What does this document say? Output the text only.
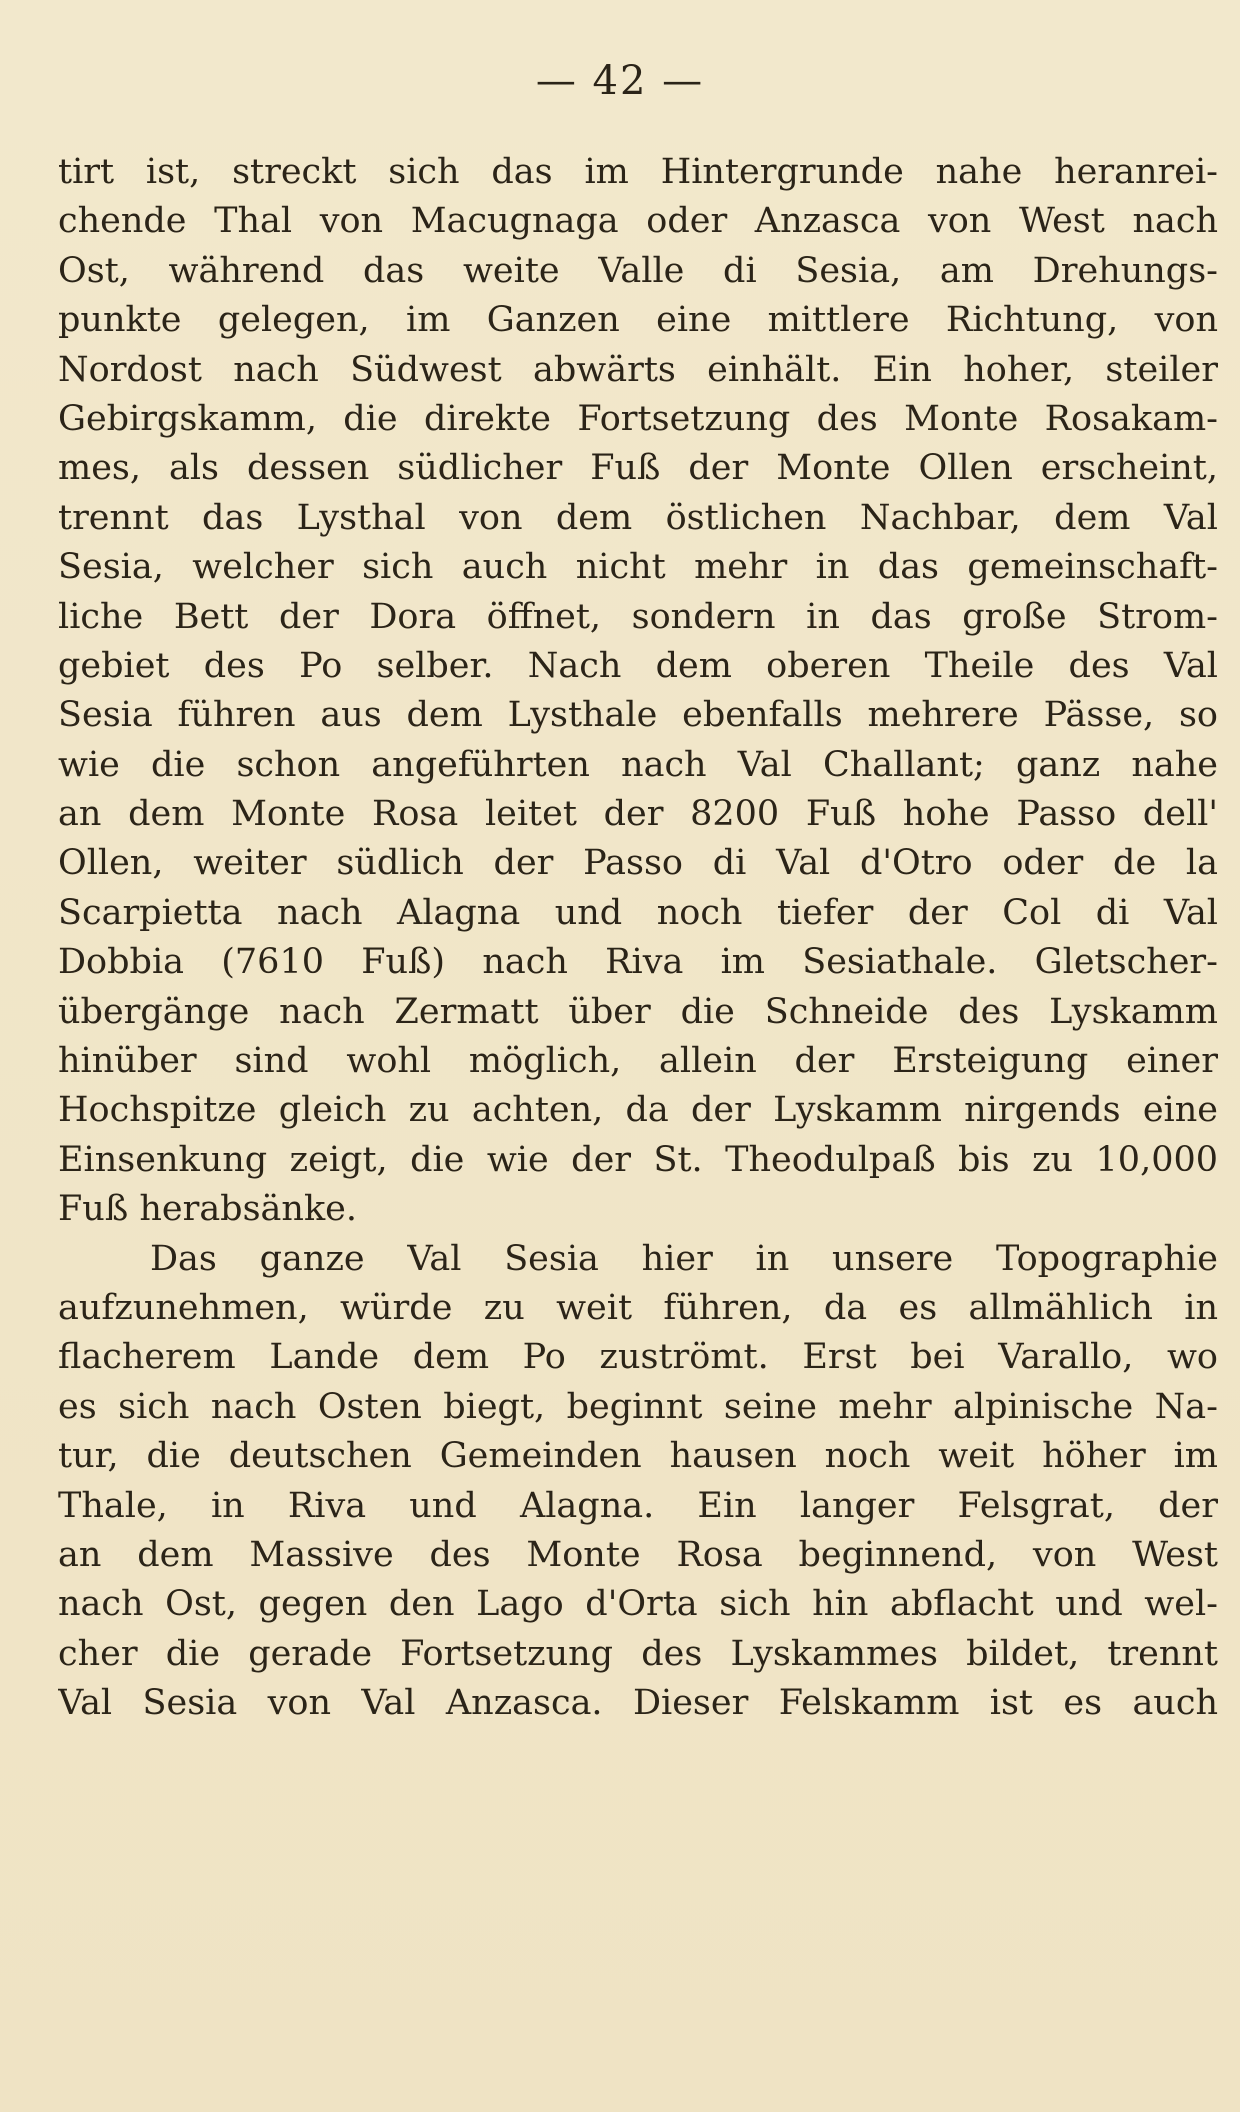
— 42 —
tirt ist, streckt sich das im Hintergrunde nahe heranrei-
chende Thal von Macugnaga oder Anzasca von West nach
Ost, während das weite Valle di Sesia, am Drehungs-
punkte gelegen, im Ganzen eine mittlere Richtung, von
Nordost nach Südwest abwärts einhält. Ein hoher, steiler
Gebirgskamm, die direkte Fortsetzung des Monte Rosakam-
mes, als dessen südlicher Fuß der Monte Ollen erscheint,
trennt das Lysthal von dem östlichen Nachbar, dem Val
Sesia, welcher sich auch nicht mehr in das gemeinschaft-
liche Bett der Dora öffnet, sondern in das große Strom-
gebiet des Po selber. Nach dem oberen Theile des Val
Sesia führen aus dem Lysthale ebenfalls mehrere Pässe, so
wie die schon angeführten nach Val Challant; ganz nahe
an dem Monte Rosa leitet der 8200 Fuß hohe Passo dell'
Ollen, weiter südlich der Passo di Val d'Otro oder de la
Scarpietta nach Alagna und noch tiefer der Col di Val
Dobbia (7610 Fuß) nach Riva im Sesiathale. Gletscher-
übergänge nach Zermatt über die Schneide des Lyskamm
hinüber sind wohl möglich, allein der Ersteigung einer
Hochspitze gleich zu achten, da der Lyskamm nirgends eine
Einsenkung zeigt, die wie der St. Theodulpaß bis zu 10,000
Fuß herabsänke.
Das ganze Val Sesia hier in unsere Topographie
aufzunehmen, würde zu weit führen, da es allmählich in
flacherem Lande dem Po zuströmt. Erst bei Varallo, wo
es sich nach Osten biegt, beginnt seine mehr alpinische Na-
tur, die deutschen Gemeinden hausen noch weit höher im
Thale, in Riva und Alagna. Ein langer Felsgrat, der
an dem Massive des Monte Rosa beginnend, von West
nach Ost, gegen den Lago d'Orta sich hin abflacht und wel-
cher die gerade Fortsetzung des Lyskammes bildet, trennt
Val Sesia von Val Anzasca. Dieser Felskamm ist es auch
